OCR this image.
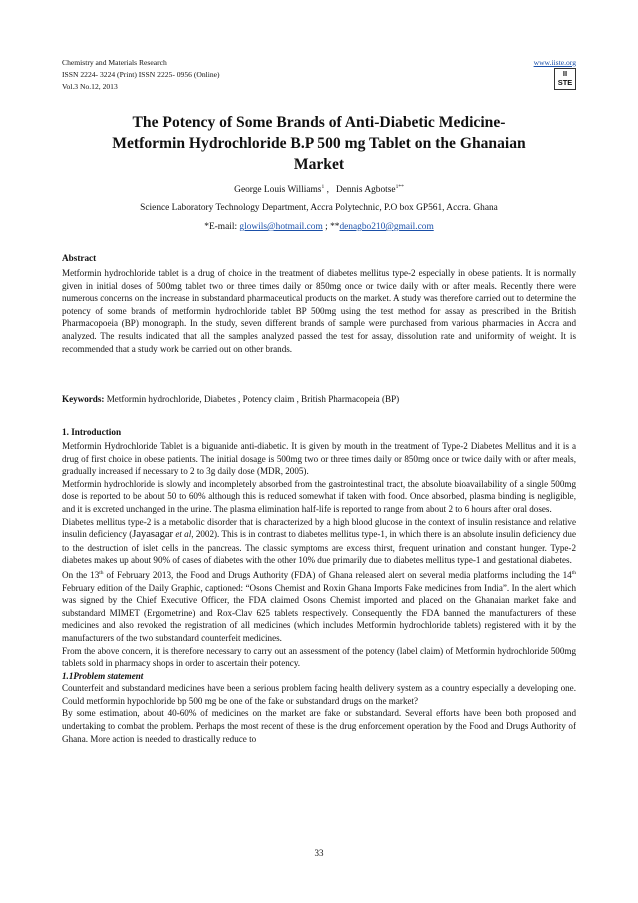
Chemistry and Materials Research
ISSN 2224- 3224 (Print) ISSN 2225- 0956 (Online)
Vol.3 No.12, 2013
www.iiste.org
II
STE
The Potency of Some Brands of Anti-Diabetic Medicine-
Metformin Hydrochloride B.P 500 mg Tablet on the Ghanaian
Market
George Louis Williams$^1$ ,   Dennis Agbotse$^{1**}$
Science Laboratory Technology Department, Accra Polytechnic, P.O box GP561, Accra. Ghana
*E-mail: glowils@hotmail.com ; **denagbo210@gmail.com
Abstract
Metformin hydrochloride tablet is a drug of choice in the treatment of diabetes mellitus type-2 especially in obese patients. It is normally given in initial doses of 500mg tablet two or three times daily or 850mg once or twice daily with or after meals. Recently there were numerous concerns on the increase in substandard pharmaceutical products on the market. A study was therefore carried out to determine the potency of some brands of metformin hydrochloride tablet BP 500mg using the test method for assay as prescribed in the British Pharmacopoeia (BP) monograph. In the study, seven different brands of sample were purchased from various pharmacies in Accra and analyzed. The results indicated that all the samples analyzed passed the test for assay, dissolution rate and uniformity of weight. It is recommended that a study work be carried out on other brands.
Keywords: Metformin hydrochloride, Diabetes , Potency claim , British Pharmacopeia (BP)
1. Introduction
Metformin Hydrochloride Tablet is a biguanide anti-diabetic. It is given by mouth in the treatment of Type-2 Diabetes Mellitus and it is a drug of first choice in obese patients. The initial dosage is 500mg two or three times daily or 850mg once or twice daily with or after meals, gradually increased if necessary to 2 to 3g daily dose (MDR, 2005).
Metformin hydrochloride is slowly and incompletely absorbed from the gastrointestinal tract, the absolute bioavailability of a single 500mg dose is reported to be about 50 to 60% although this is reduced somewhat if taken with food. Once absorbed, plasma binding is negligible, and it is excreted unchanged in the urine. The plasma elimination half-life is reported to range from about 2 to 6 hours after oral doses.
Diabetes mellitus type-2 is a metabolic disorder that is characterized by a high blood glucose in the context of insulin resistance and relative insulin deficiency (Jayasagar et al, 2002). This is in contrast to diabetes mellitus type-1, in which there is an absolute insulin deficiency due to the destruction of islet cells in the pancreas. The classic symptoms are excess thirst, frequent urination and constant hunger. Type-2 diabetes makes up about 90% of cases of diabetes with the other 10% due primarily due to diabetes mellitus type-1 and gestational diabetes.
On the 13th of February 2013, the Food and Drugs Authority (FDA) of Ghana released alert on several media platforms including the 14th February edition of the Daily Graphic, captioned: “Osons Chemist and Roxin Ghana Imports Fake medicines from India”. In the alert which was signed by the Chief Executive Officer, the FDA claimed Osons Chemist imported and placed on the Ghanaian market fake and substandard MIMET (Ergometrine) and Rox-Clav 625 tablets respectively. Consequently the FDA banned the manufacturers of these medicines and also revoked the registration of all medicines (which includes Metformin hydrochloride tablets) registered with it by the manufacturers of the two substandard counterfeit medicines.
From the above concern, it is therefore necessary to carry out an assessment of the potency (label claim) of Metformin hydrochloride 500mg tablets sold in pharmacy shops in order to ascertain their potency.
1.1Problem statement
Counterfeit and substandard medicines have been a serious problem facing health delivery system as a country especially a developing one. Could metformin hypochloride bp 500 mg be one of the fake or substandard drugs on the market?
By some estimation, about 40-60% of medicines on the market are fake or substandard. Several efforts have been both proposed and undertaking to combat the problem. Perhaps the most recent of these is the drug enforcement operation by the Food and Drugs Authority of Ghana. More action is needed to drastically reduce to
33
